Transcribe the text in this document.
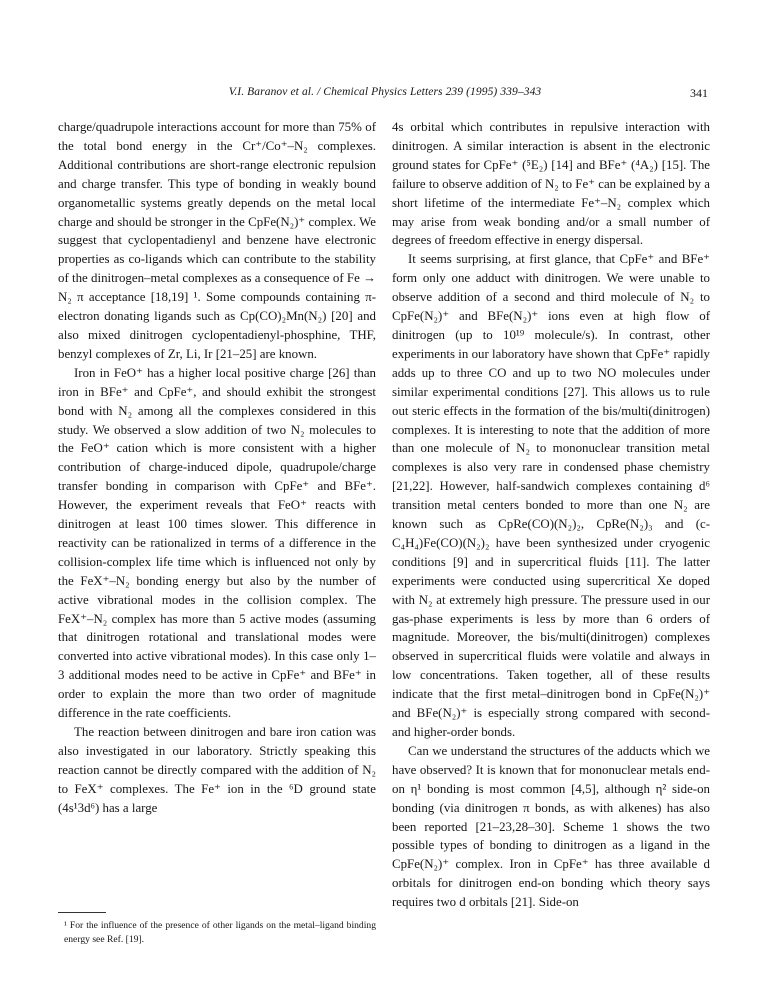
V.I. Baranov et al. / Chemical Physics Letters 239 (1995) 339–343	341

charge/quadrupole interactions account for more than 75% of the total bond energy in the Cr⁺/Co⁺–N₂ complexes. Additional contributions are short-range electronic repulsion and charge transfer. This type of bonding in weakly bound organometallic systems greatly depends on the metal local charge and should be stronger in the CpFe(N₂)⁺ complex. We suggest that cyclopentadienyl and benzene have electronic properties as co-ligands which can contribute to the stability of the dinitrogen–metal complexes as a consequence of Fe → N₂ π acceptance [18,19] ¹. Some compounds containing π-electron donating ligands such as Cp(CO)₂Mn(N₂) [20] and also mixed dinitrogen cyclopentadienyl-phosphine, THF, benzyl complexes of Zr, Li, Ir [21–25] are known.

Iron in FeO⁺ has a higher local positive charge [26] than iron in BFe⁺ and CpFe⁺, and should exhibit the strongest bond with N₂ among all the complexes considered in this study. We observed a slow addition of two N₂ molecules to the FeO⁺ cation which is more consistent with a higher contribution of charge-induced dipole, quadrupole/charge transfer bonding in comparison with CpFe⁺ and BFe⁺. However, the experiment reveals that FeO⁺ reacts with dinitrogen at least 100 times slower. This difference in reactivity can be rationalized in terms of a difference in the collision-complex life time which is influenced not only by the FeX⁺–N₂ bonding energy but also by the number of active vibrational modes in the collision complex. The FeX⁺–N₂ complex has more than 5 active modes (assuming that dinitrogen rotational and translational modes were converted into active vibrational modes). In this case only 1–3 additional modes need to be active in CpFe⁺ and BFe⁺ in order to explain the more than two order of magnitude difference in the rate coefficients.

The reaction between dinitrogen and bare iron cation was also investigated in our laboratory. Strictly speaking this reaction cannot be directly compared with the addition of N₂ to FeX⁺ complexes. The Fe⁺ ion in the ⁶D ground state (4s¹3d⁶) has a large

4s orbital which contributes in repulsive interaction with dinitrogen. A similar interaction is absent in the electronic ground states for CpFe⁺ (⁵E₂) [14] and BFe⁺ (⁴A₂) [15]. The failure to observe addition of N₂ to Fe⁺ can be explained by a short lifetime of the intermediate Fe⁺–N₂ complex which may arise from weak bonding and/or a small number of degrees of freedom effective in energy dispersal.

It seems surprising, at first glance, that CpFe⁺ and BFe⁺ form only one adduct with dinitrogen. We were unable to observe addition of a second and third molecule of N₂ to CpFe(N₂)⁺ and BFe(N₂)⁺ ions even at high flow of dinitrogen (up to 10¹⁹ molecule/s). In contrast, other experiments in our laboratory have shown that CpFe⁺ rapidly adds up to three CO and up to two NO molecules under similar experimental conditions [27]. This allows us to rule out steric effects in the formation of the bis/multi(dinitrogen) complexes. It is interesting to note that the addition of more than one molecule of N₂ to mononuclear transition metal complexes is also very rare in condensed phase chemistry [21,22]. However, half-sandwich complexes containing d⁶ transition metal centers bonded to more than one N₂ are known such as CpRe(CO)(N₂)₂, CpRe(N₂)₃ and (c-C₄H₄)Fe(CO)(N₂)₂ have been synthesized under cryogenic conditions [9] and in supercritical fluids [11]. The latter experiments were conducted using supercritical Xe doped with N₂ at extremely high pressure. The pressure used in our gas-phase experiments is less by more than 6 orders of magnitude. Moreover, the bis/multi(dinitrogen) complexes observed in supercritical fluids were volatile and always in low concentrations. Taken together, all of these results indicate that the first metal–dinitrogen bond in CpFe(N₂)⁺ and BFe(N₂)⁺ is especially strong compared with second- and higher-order bonds.

Can we understand the structures of the adducts which we have observed? It is known that for mononuclear metals end-on η¹ bonding is most common [4,5], although η² side-on bonding (via dinitrogen π bonds, as with alkenes) has also been reported [21–23,28–30]. Scheme 1 shows the two possible types of bonding to dinitrogen as a ligand in the CpFe(N₂)⁺ complex. Iron in CpFe⁺ has three available d orbitals for dinitrogen end-on bonding which theory says requires two d orbitals [21]. Side-on

¹ For the influence of the presence of other ligands on the metal–ligand binding energy see Ref. [19].
